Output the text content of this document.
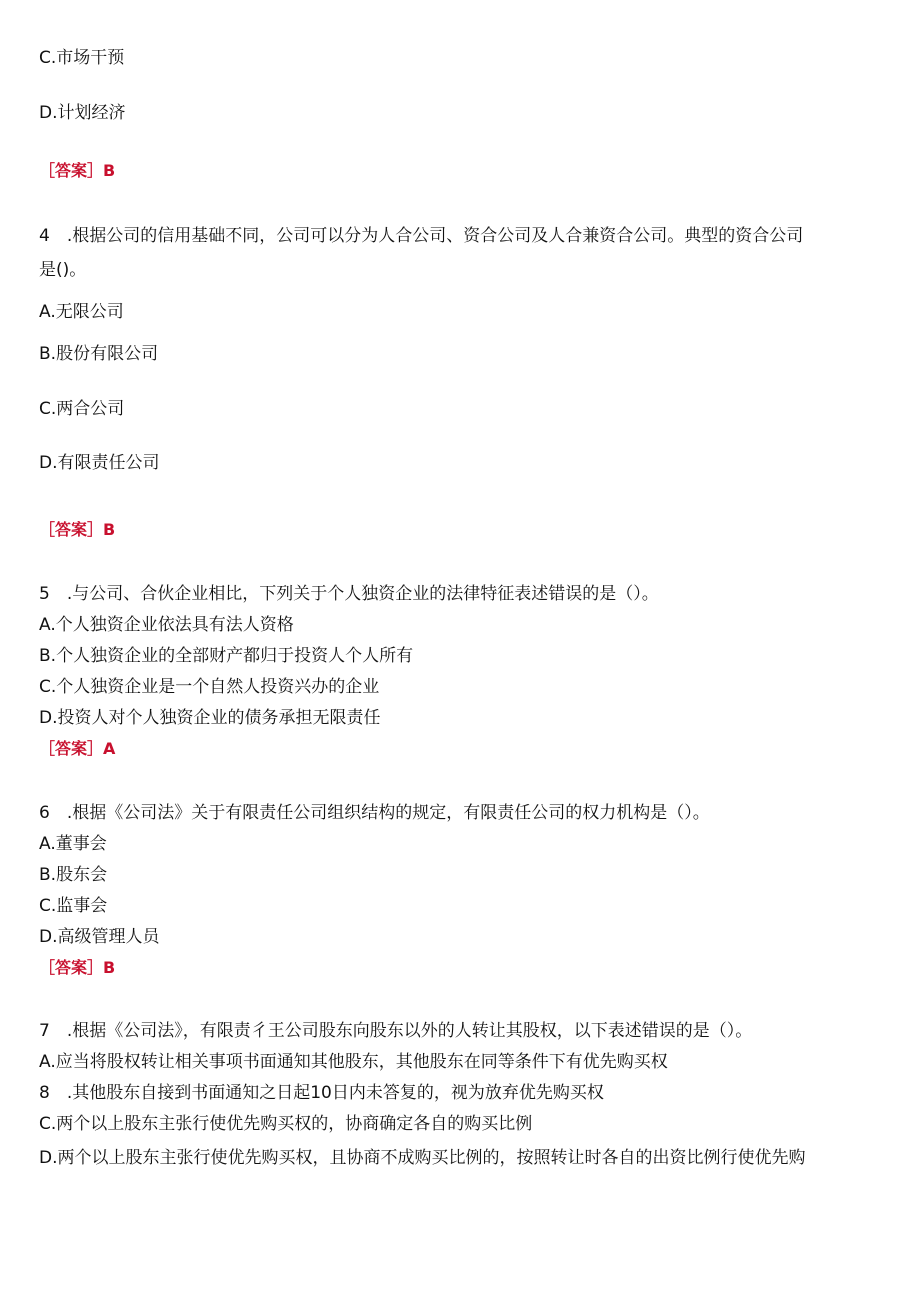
C.市场干预
D.计划经济
［答案］B
4　.根据公司的信用基础不同，公司可以分为人合公司、资合公司及人合兼资合公司。典型的资合公司
是()。
A.无限公司
B.股份有限公司
C.两合公司
D.有限责任公司
［答案］B
5　.与公司、合伙企业相比，下列关于个人独资企业的法律特征表述错误的是（）。
A.个人独资企业依法具有法人资格
B.个人独资企业的全部财产都归于投资人个人所有
C.个人独资企业是一个自然人投资兴办的企业
D.投资人对个人独资企业的债务承担无限责任
［答案］A
6　.根据《公司法》关于有限责任公司组织结构的规定，有限责任公司的权力机构是（）。
A.董事会
B.股东会
C.监事会
D.高级管理人员
［答案］B
7　.根据《公司法》，有限责彳王公司股东向股东以外的人转让其股权，以下表述错误的是（）。
A.应当将股权转让相关事项书面通知其他股东，其他股东在同等条件下有优先购买权
8　.其他股东自接到书面通知之日起10日内未答复的，视为放弃优先购买权
C.两个以上股东主张行使优先购买权的，协商确定各自的购买比例
D.两个以上股东主张行使优先购买权，且协商不成购买比例的，按照转让时各自的出资比例行使优先购
